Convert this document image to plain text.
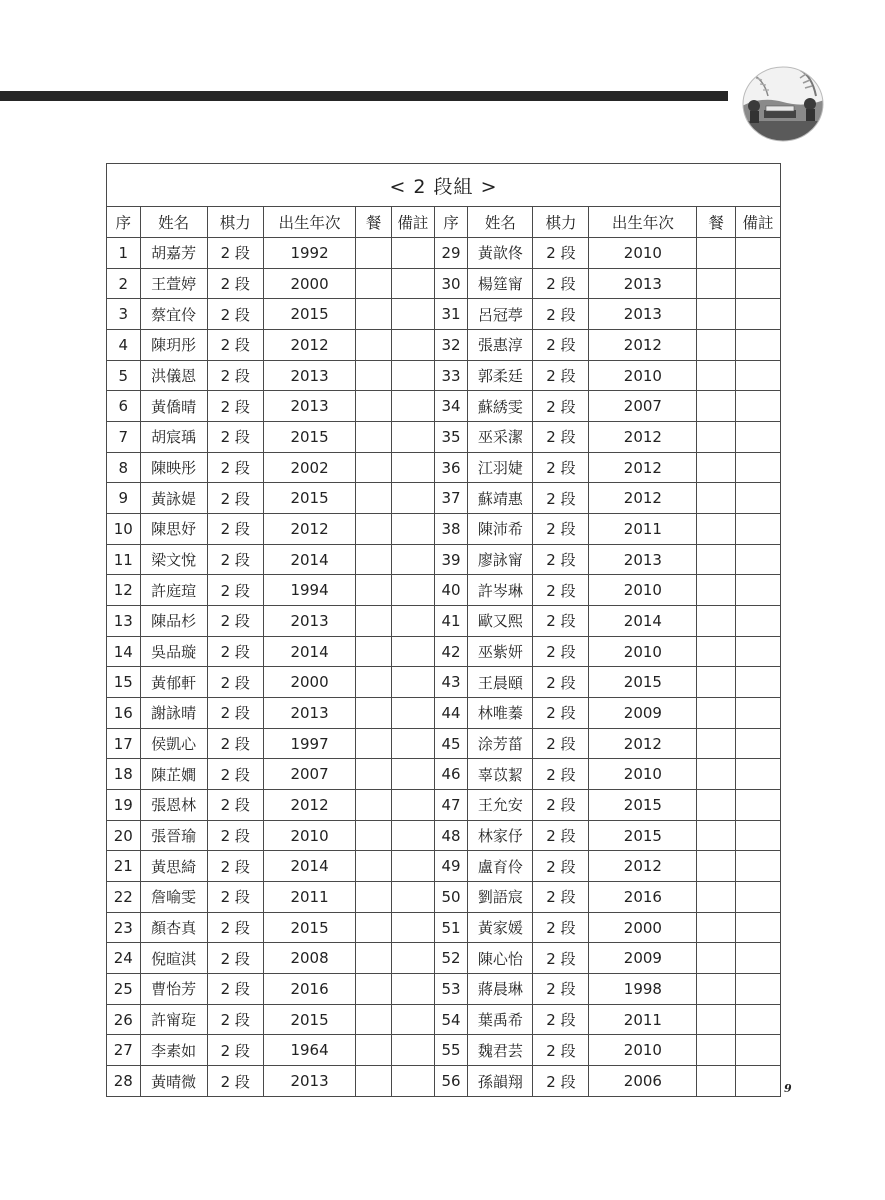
< 2 段組 >											
序	姓名	棋力	出生年次	餐	備註	序	姓名	棋力	出生年次	餐	備註
1	胡嘉芳	2 段	1992			29	黃歆佟	2 段	2010		
2	王萱婷	2 段	2000			30	楊筳甯	2 段	2013		
3	蔡宜伶	2 段	2015			31	呂冠葶	2 段	2013		
4	陳玥彤	2 段	2012			32	張惠淳	2 段	2012		
5	洪儀恩	2 段	2013			33	郭柔廷	2 段	2010		
6	黃僑晴	2 段	2013			34	蘇綉雯	2 段	2007		
7	胡宸瑀	2 段	2015			35	巫采潔	2 段	2012		
8	陳映彤	2 段	2002			36	江羽婕	2 段	2012		
9	黃詠媞	2 段	2015			37	蘇靖惠	2 段	2012		
10	陳思妤	2 段	2012			38	陳沛希	2 段	2011		
11	梁文悅	2 段	2014			39	廖詠甯	2 段	2013		
12	許庭瑄	2 段	1994			40	許岑琳	2 段	2010		
13	陳品杉	2 段	2013			41	歐又熙	2 段	2014		
14	吳品璇	2 段	2014			42	巫紫妍	2 段	2010		
15	黃郁軒	2 段	2000			43	王晨頤	2 段	2015		
16	謝詠晴	2 段	2013			44	林唯蓁	2 段	2009		
17	侯凱心	2 段	1997			45	涂芳菑	2 段	2012		
18	陳芷嫺	2 段	2007			46	辜苡絜	2 段	2010		
19	張恩林	2 段	2012			47	王允安	2 段	2015		
20	張晉瑜	2 段	2010			48	林家伃	2 段	2015		
21	黃思綺	2 段	2014			49	盧育伶	2 段	2012		
22	詹喻雯	2 段	2011			50	劉語宸	2 段	2016		
23	顏杏真	2 段	2015			51	黃家媛	2 段	2000		
24	倪暄淇	2 段	2008			52	陳心怡	2 段	2009		
25	曹怡芳	2 段	2016			53	蔣晨琳	2 段	1998		
26	許甯琁	2 段	2015			54	葉禹希	2 段	2011		
27	李素如	2 段	1964			55	魏君芸	2 段	2010		
28	黃晴微	2 段	2013			56	孫韻翔	2 段	2006			9
